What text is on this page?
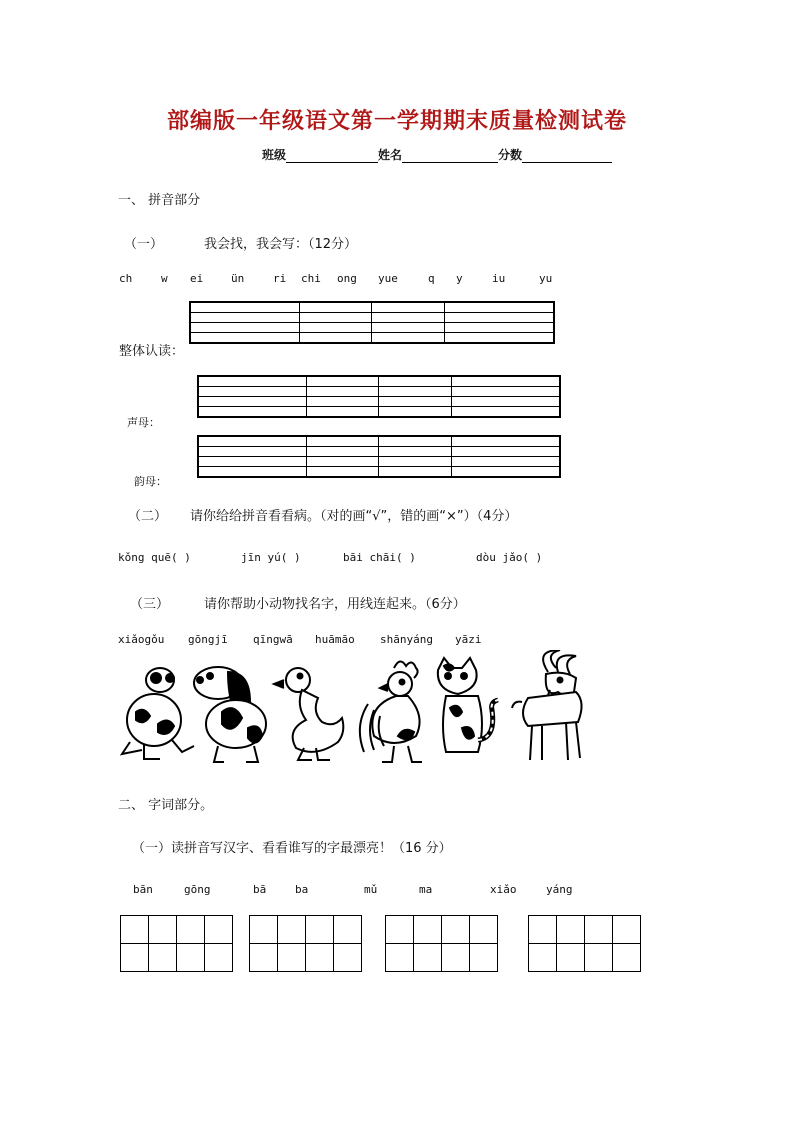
部编版一年级语文第一学期期末质量检测试卷
班级	姓名	分数
一、 拼音部分
（一）	我会找，我会写：（12分）
ch	w ei	ün	ri chi ong yue	q y	iu	yu

整体认读：

声母：

韵母：
（二） 请你给给拼音看看病。（对的画“√”，错的画“×”）（4分）
kǒng quē( )	jīn yú( )	bāi chāi( )	dòu jǎo( )
（三）	请你帮助小动物找名字，用线连起来。（6分）
xiǎogǒu gōngjī qīngwā huāmāo shānyáng yāzi
二、 字词部分。
（一）读拼音写汉字、看看谁写的字最漂亮！（16 分）
bān	gōng	bā	ba	mǔ	ma	xiǎo	yáng
